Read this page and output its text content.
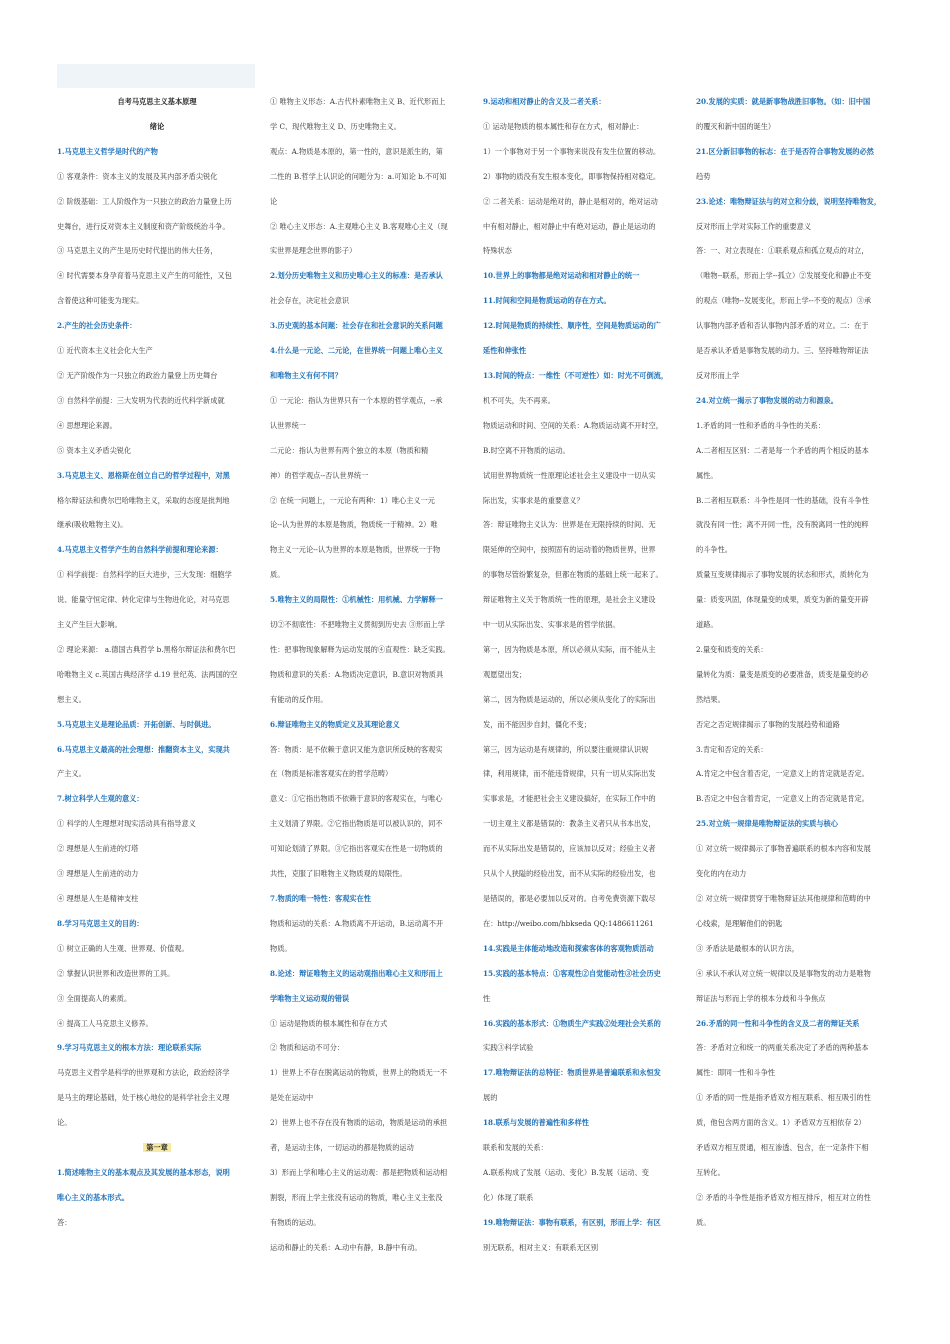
自考马克思主义基本原理

绪论

1.马克思主义哲学是时代的产物

① 客观条件：资本主义的发展及其内部矛盾尖锐化

② 阶级基础：工人阶级作为一只独立的政治力量登上历

史舞台，进行反对资本主义制度和资产阶级统治斗争。

③ 马克思主义的产生是历史时代提出的伟大任务，

④ 时代需要本身孕育着马克思主义产生的可能性，又包

含着使这种可能变为现实。

2.产生的社会历史条件：

① 近代资本主义社会化大生产

② 无产阶级作为一只独立的政治力量登上历史舞台

③ 自然科学前提：三大发明为代表的近代科学新成就

④ 思想理论来源。

⑤ 资本主义矛盾尖锐化

3.马克思主义、恩格斯在创立自己的哲学过程中，对黑

格尔辩证法和费尔巴哈唯物主义，采取的态度是批判地

继承(吸收唯物主义)。

4.马克思主义哲学产生的自然科学前提和理论来源：

① 科学前提：自然科学的巨大进步，三大发现：细胞学

说、能量守恒定律、转化定律与生物进化论，对马克思

主义产生巨大影响。

② 理论来源： a.德国古典哲学 b.黑格尔辩证法和费尔巴

哈唯物主义 c.英国古典经济学 d.19 世纪英、法两国的空

想主义。

5.马克思主义是理论品质：开拓创新、与时俱进。

6.马克思主义最高的社会理想：推翻资本主义，实现共

产主义。

7.树立科学人生观的意义：

① 科学的人生理想对现实活动具有指导意义

② 理想是人生前进的灯塔

③ 理想是人生前进的动力

④ 理想是人生是精神支柱

8.学习马克思主义的目的：

① 树立正确的人生观、世界观、价值观。

② 掌握认识世界和改造世界的工具。

③ 全面提高人的素质。

④ 提高工人马克思主义修养。

9.学习马克思主义的根本方法：理论联系实际

马克思主义哲学是科学的世界观和方法论，政治经济学

是马主的理论基础，处于核心地位的是科学社会主义理

论。

第一章

1.简述唯物主义的基本观点及其发展的基本形态，说明

唯心主义的基本形式。

答：

① 唯物主义形态：A.古代朴素唯物主义 B、近代形而上

学 C、现代唯物主义 D、历史唯物主义。

观点：A.物质是本原的，第一性的，意识是派生的，第

二性的 B.哲学上认识论的问题分为：a.可知论 b.不可知

论

② 唯心主义形态：A.主观唯心主义 B.客观唯心主义（现

实世界是理念世界的影子）

2.划分历史唯物主义和历史唯心主义的标准：是否承认

社会存在，决定社会意识

3.历史观的基本问题：社会存在和社会意识的关系问题

4.什么是一元论、二元论，在世界统一问题上唯心主义

和唯物主义有何不同？

① 一元论：指认为世界只有一个本原的哲学观点，--承

认世界统一

二元论：指认为世界有两个独立的本原（物质和精

神）的哲学观点--否认世界统一

② 在统一问题上，一元论有两种：1）唯心主义一元

论--认为世界的本原是物质，物质统一于精神。2）唯

物主义一元论--认为世界的本原是物质，世界统一于物

质。

5.唯物主义的局限性：①机械性：用机械、力学解释一

切②不彻底性：不把唯物主义贯彻到历史去 ③形而上学

性：把事物现象解释为运动发展的④直观性：缺乏实践。

物质和意识的关系：A.物质决定意识，B.意识对物质具

有能动的反作用。

6.辩证唯物主义的物质定义及其理论意义

答：物质：是不依赖于意识又能为意识所反映的客观实

在（物质是标准客观实在的哲学范畴）

意义：①它指出物质不依赖于意识的客观实在，与唯心

主义划清了界限。②它指出物质是可以被认识的，同不

可知论划清了界限。③它指出客观实在性是一切物质的

共性，克服了旧唯物主义物质观的局限性。

7.物质的唯一特性：客观实在性

物质和运动的关系：A.物质离不开运动，B.运动离不开

物质。

8.论述：辩证唯物主义的运动观指出唯心主义和形而上

学唯物主义运动观的错误

① 运动是物质的根本属性和存在方式

② 物质和运动不可分：

1）世界上不存在脱离运动的物质，世界上的物质无一不

是处在运动中

2）世界上也不存在没有物质的运动，物质是运动的承担

者，是运动主体，一切运动的都是物质的运动

3）形而上学和唯心主义的运动观：都是把物质和运动相

割裂，形而上学主张没有运动的物质，唯心主义主张没

有物质的运动。

运动和静止的关系：A.动中有静，B.静中有动。

9.运动和相对静止的含义及二者关系：

① 运动是物质的根本属性和存在方式，相对静止：

1）一个事物对于另一个事物来说没有发生位置的移动。

2）事物的质没有发生根本变化，即事物保持相对稳定。

② 二者关系：运动是绝对的，静止是相对的，绝对运动

中有相对静止，相对静止中有绝对运动，静止是运动的

特殊状态

10.世界上的事物都是绝对运动和相对静止的统一

11.时间和空间是物质运动的存在方式。

12.时间是物质的持续性、顺序性，空间是物质运动的广

延性和伸张性

13.时间的特点：一维性（不可逆性）如：时光不可倒流，

机不可失，失不再来。

物质运动和时间、空间的关系：A.物质运动离不开时空，

B.时空离不开物质的运动。

试用世界物质统一性原理论述社会主义建设中一切从实

际出发，实事求是的重要意义？

答：辩证唯物主义认为：世界是在无限持续的时间、无

限延伸的空间中，按照固有的运动着的物质世界，世界

的事物尽管纷繁复杂，但都在物质的基础上统一起来了。

辩证唯物主义关于物质统一性的原理，是社会主义建设

中一切从实际出发、实事求是的哲学依据。

第一，因为物质是本原，所以必须从实际，而不能从主

观愿望出发；

第二，因为物质是运动的，所以必须从变化了的实际出

发，而不能因步自封，僵化不变；

第三，因为运动是有规律的，所以要注重规律认识规

律，利用规律，而不能违背规律，只有一切从实际出发

实事求是，才能把社会主义建设搞好，在实际工作中的

一切主观主义都是错误的：教条主义者只从书本出发，

而不从实际出发是错误的，应该加以反对；经验主义者

只从个人狭隘的经验出发，而不从实际的经验出发，也

是错误的，都是必要加以反对的。自考免费资源下载尽

在：http://weibo.com/hbkseda QQ:1486611261

14.实践是主体能动地改造和探索客体的客观物质活动

15.实践的基本特点：①客观性②自觉能动性③社会历史

性

16.实践的基本形式：①物质生产实践②处理社会关系的

实践③科学试验

17.唯物辩证法的总特征：物质世界是普遍联系和永恒发

展的

18.联系与发展的普遍性和多样性

联系和发展的关系：

A.联系构成了发展（运动、变化）B.发展（运动、变

化）体现了联系

19.唯物辩证法：事物有联系，有区别，形而上学：有区

别无联系，相对主义：有联系无区别

20.发展的实质：就是新事物战胜旧事物。（如：旧中国

的覆灭和新中国的诞生）

21.区分新旧事物的标志：在于是否符合事物发展的必然

趋势

23.论述：唯物辩证法与的对立和分歧，说明坚持唯物发，

反对形而上学对实际工作的重要意义

答：一、对立表现在：①联系观点和孤立观点的对立，

（唯物--联系，形而上学--孤立）②发展变化和静止不变

的观点（唯物--发展变化，形而上学--不变的观点）③承

认事物内部矛盾和否认事物内部矛盾的对立。二：在于

是否承认矛盾是事物发展的动力。三、坚持唯物辩证法

反对形而上学

24.对立统一揭示了事物发展的动力和源泉。

1.矛盾的同一性和矛盾的斗争性的关系：

A.二者相互区别：二者是每一个矛盾的两个相反的基本

属性。

B.二者相互联系：斗争性是同一性的基础，没有斗争性

就没有同一性；离不开同一性，没有脱离同一性的纯粹

的斗争性。

质量互变规律揭示了事物发展的状态和形式，质转化为

量：质变巩固，体现量变的成果，质变为新的量变开辟

道路。

2.量变和质变的关系：

量转化为质：量变是质变的必要准备，质变是量变的必

然结果。

否定之否定规律揭示了事物的发展趋势和道路

3.肯定和否定的关系：

A.肯定之中包含着否定，一定意义上的肯定就是否定。

B.否定之中包含着肯定，一定意义上的否定就是肯定。

25.对立统一规律是唯物辩证法的实质与核心

① 对立统一规律揭示了事物普遍联系的根本内容和发展

变化的内在动力

② 对立统一规律贯穿于唯物辩证法其他规律和范畴的中

心线索，是理解他们的钥匙

③ 矛盾法是最根本的认识方法，

④ 承认不承认对立统一规律以及是事物发的动力是唯物

辩证法与形而上学的根本分歧和斗争焦点

26.矛盾的同一性和斗争性的含义及二者的辩证关系

答：矛盾对立和统一的两重关系决定了矛盾的两种基本

属性：即同一性和斗争性

① 矛盾的同一性是指矛盾双方相互联系、相互吸引的性

质，他包含两方面的含义。1）矛盾双方互相依存 2）

矛盾双方相互贯通，相互渗透、包含，在一定条件下相

互转化。

② 矛盾的斗争性是指矛盾双方相互排斥，相互对立的性

质。
